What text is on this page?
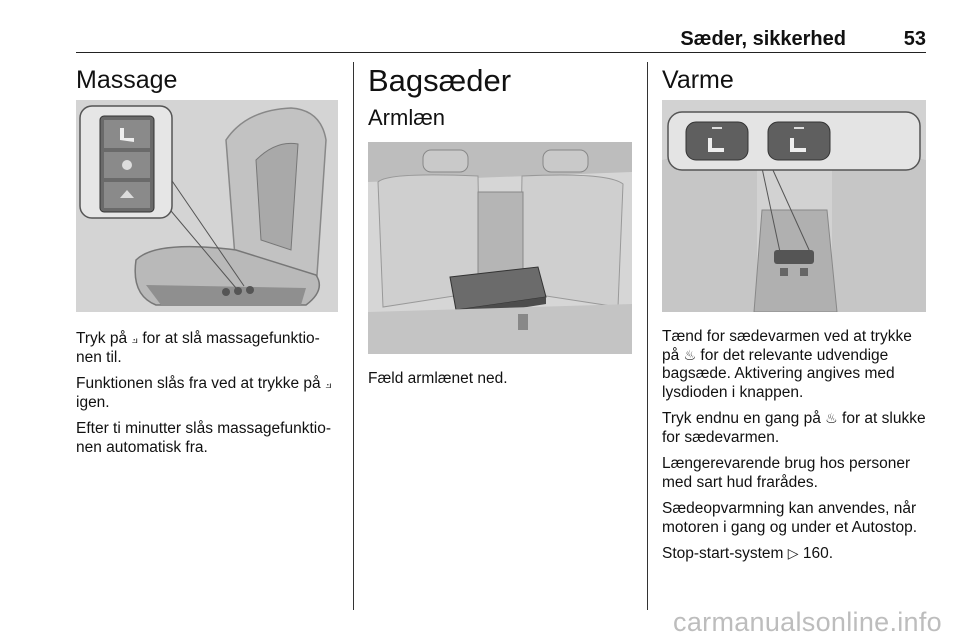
Sæder, sikkerhed	53
Massage

Tryk på ⟓ for at slå massagefunktio-nen til.

Funktionen slås fra ved at trykke på ⟓ igen.

Efter ti minutter slås massagefunktio-nen automatisk fra.

Bagsæder
Armlæn

Fæld armlænet ned.

Varme

Tænd for sædevarmen ved at trykke på ♨ for det relevante udvendige bagsæde. Aktivering angives med lysdioden i knappen.

Tryk endnu en gang på ♨ for at slukke for sædevarmen.

Længerevarende brug hos personer med sart hud frarådes.

Sædeopvarmning kan anvendes, når motoren i gang og under et Autostop.

Stop-start-system ▷ 160.

carmanualsonline.info
